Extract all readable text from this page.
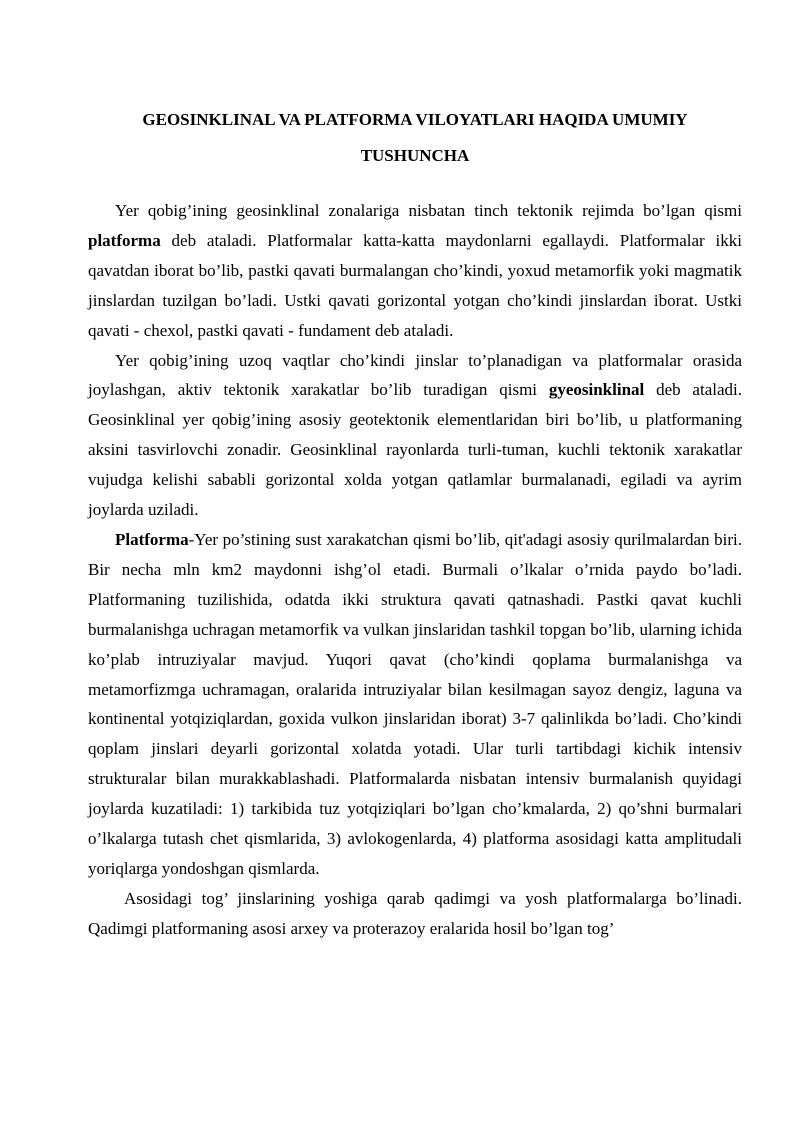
GEOSINKLINAL VA PLATFORMA VILOYATLARI HAQIDA UMUMIY TUSHUNCHA

Yer qobig’ining geosinklinal zonalariga nisbatan tinch tektonik rejimda bo’lgan qismi platforma deb ataladi. Platformalar katta-katta maydonlarni egallaydi. Platformalar ikki qavatdan iborat bo’lib, pastki qavati burmalangan cho’kindi, yoxud metamorfik yoki magmatik jinslardan tuzilgan bo’ladi. Ustki qavati gorizontal yotgan cho’kindi jinslardan iborat. Ustki qavati - chexol, pastki qavati - fundament deb ataladi.

Yer qobig’ining uzoq vaqtlar cho’kindi jinslar to’planadigan va platformalar orasida joylashgan, aktiv tektonik xarakatlar bo’lib turadigan qismi gyeosinklinal deb ataladi. Geosinklinal yer qobig’ining asosiy geotektonik elementlaridan biri bo’lib, u platformaning aksini tasvirlovchi zonadir. Geosinklinal rayonlarda turli-tuman, kuchli tektonik xarakatlar vujudga kelishi sababli gorizontal xolda yotgan qatlamlar burmalanadi, egiladi va ayrim joylarda uziladi.

Platforma-Yer po’stining sust xarakatchan qismi bo’lib, qit'adagi asosiy qurilmalardan biri. Bir necha mln km2 maydonni ishg’ol etadi. Burmali o’lkalar o’rnida paydo bo’ladi. Platformaning tuzilishida, odatda ikki struktura qavati qatnashadi. Pastki qavat kuchli burmalanishga uchragan metamorfik va vulkan jinslaridan tashkil topgan bo’lib, ularning ichida ko’plab intruziyalar mavjud. Yuqori qavat (cho’kindi qoplama burmalanishga va metamorfizmga uchramagan, oralarida intruziyalar bilan kesilmagan sayoz dengiz, laguna va kontinental yotqiziqlardan, goxida vulkon jinslaridan iborat) 3-7 qalinlikda bo’ladi. Cho’kindi qoplam jinslari deyarli gorizontal xolatda yotadi. Ular turli tartibdagi kichik intensiv strukturalar bilan murakkablashadi. Platformalarda nisbatan intensiv burmalanish quyidagi joylarda kuzatiladi: 1) tarkibida tuz yotqiziqlari bo’lgan cho’kmalarda, 2) qo’shni burmalari o’lkalarga tutash chet qismlarida, 3) avlokogenlarda, 4) platforma asosidagi katta amplitudali yoriqlarga yondoshgan qismlarda.

Asosidagi tog’ jinslarining yoshiga qarab qadimgi va yosh platformalarga bo’linadi. Qadimgi platformaning asosi arxey va proterazoy eralarida hosil bo’lgan tog’
